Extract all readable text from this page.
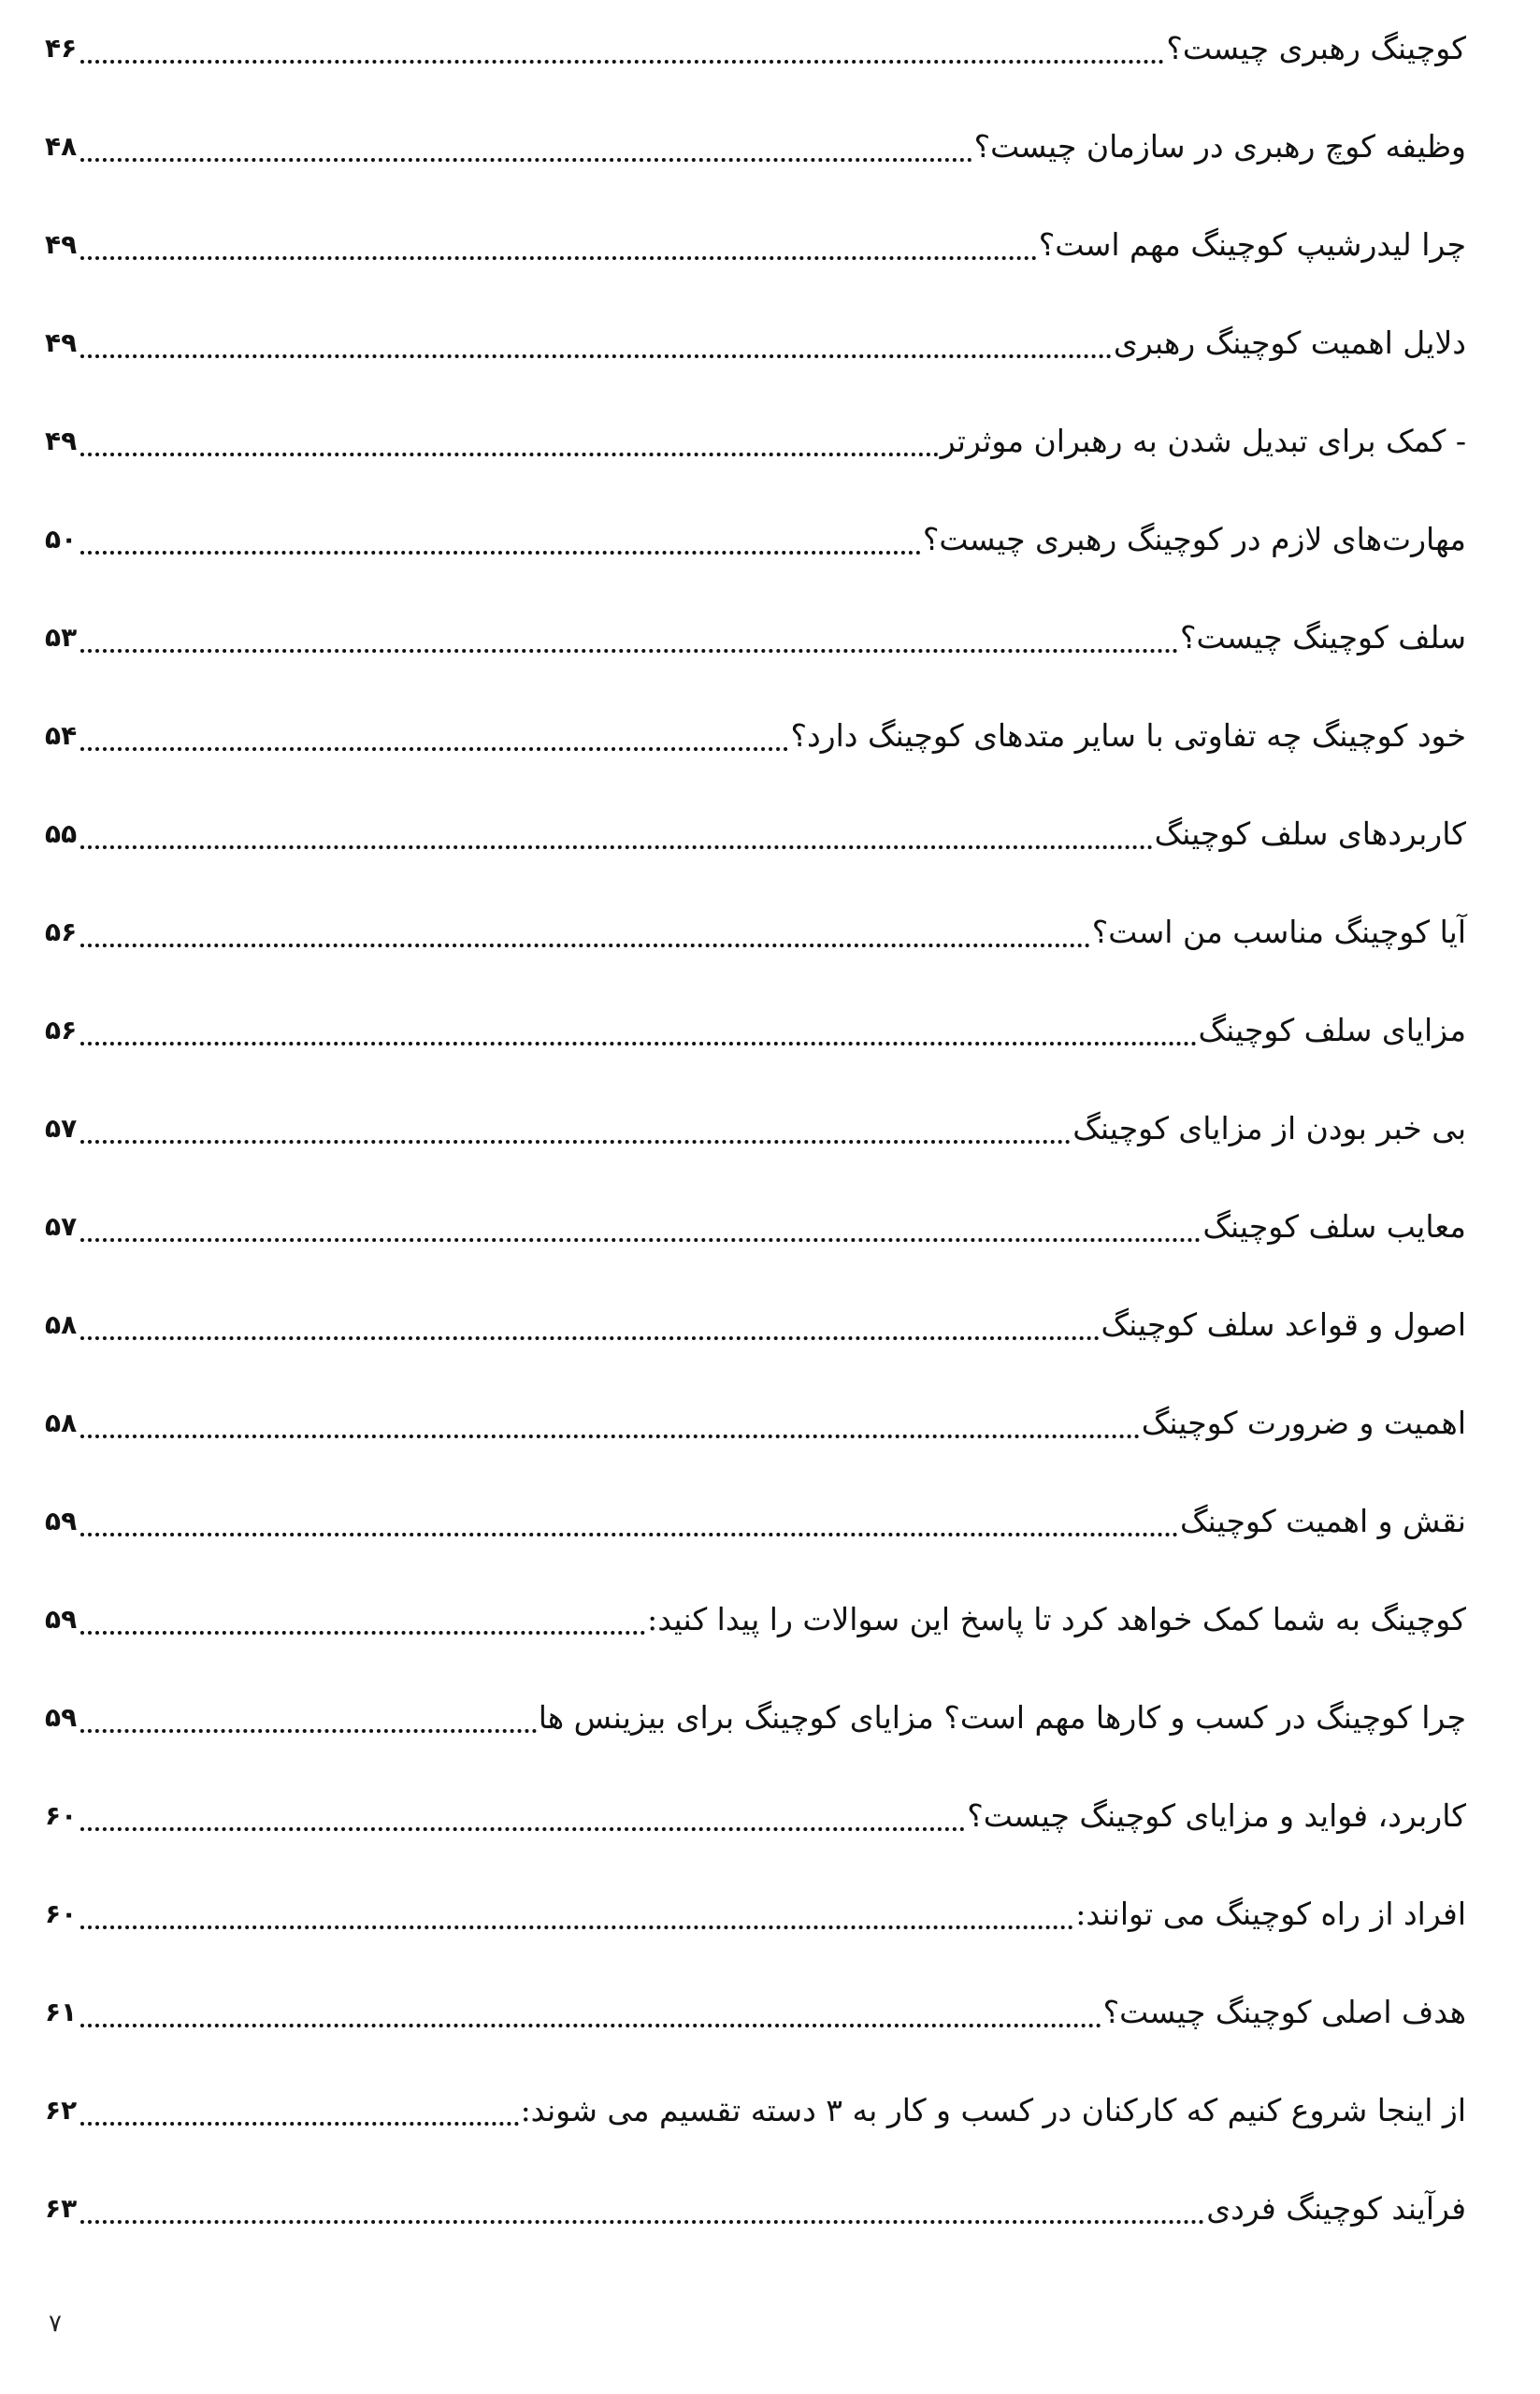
کوچینگ رهبری چیست؟
۴۶
وظیفه کوچ رهبری در سازمان چیست؟
۴۸
چرا لیدرشیپ کوچینگ مهم است؟
۴۹
دلایل اهمیت کوچینگ رهبری
۴۹
- کمک برای تبدیل شدن به رهبران موثرتر
۴۹
مهارت‌های لازم در کوچینگ رهبری چیست؟
۵۰
سلف کوچینگ چیست؟
۵۳
خود کوچینگ چه تفاوتی با سایر متدهای کوچینگ دارد؟
۵۴
کاربردهای سلف کوچینگ
۵۵
آیا کوچینگ مناسب من است؟
۵۶
مزایای سلف کوچینگ
۵۶
بی خبر بودن از مزایای کوچینگ
۵۷
معایب سلف کوچینگ
۵۷
اصول و قواعد سلف کوچینگ
۵۸
اهمیت و ضرورت کوچینگ
۵۸
نقش و اهمیت کوچینگ
۵۹
کوچینگ به شما کمک خواهد کرد تا پاسخ این سوالات را پیدا کنید:
۵۹
چرا کوچینگ در کسب و کارها مهم است؟ مزایای کوچینگ برای بیزینس ها
۵۹
کاربرد، فواید و مزایای کوچینگ چیست؟
۶۰
افراد از راه کوچینگ می توانند:
۶۰
هدف اصلی کوچینگ چیست؟
۶۱
از اینجا شروع کنیم که کارکنان در کسب و کار به ۳ دسته تقسیم می شوند:
۶۲
فرآیند کوچینگ فردی
۶۳
۷
